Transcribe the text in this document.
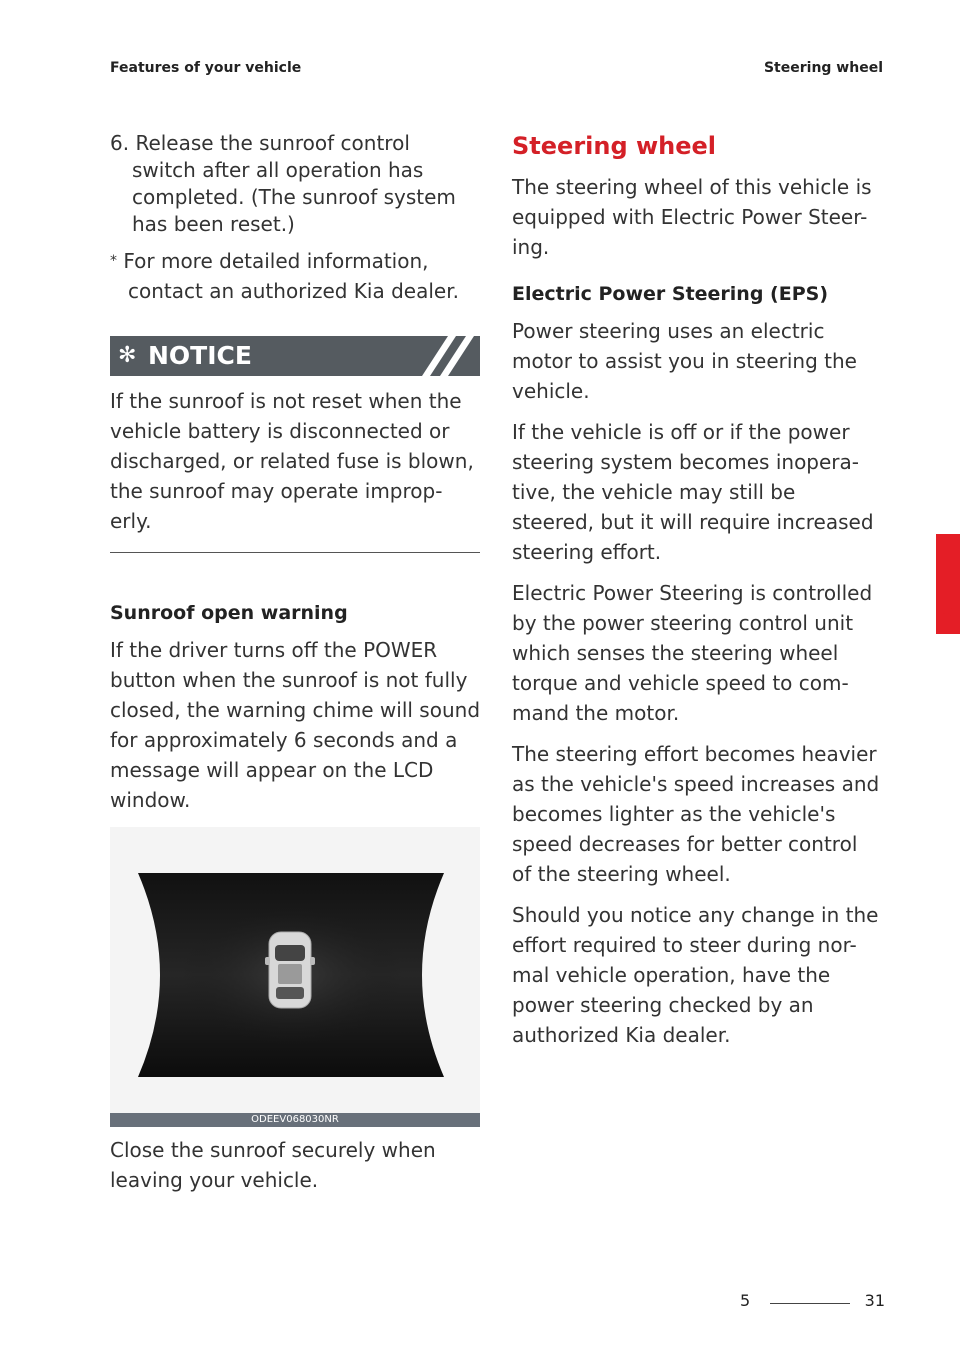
Features of your vehicle	Steering wheel

6. Release the sunroof control switch after all operation has completed. (The sunroof system has been reset.)

* For more detailed information, contact an authorized Kia dealer.

✻ NOTICE

If the sunroof is not reset when the vehicle battery is disconnected or discharged, or related fuse is blown, the sunroof may operate improp-erly.

Sunroof open warning

If the driver turns off the POWER button when the sunroof is not fully closed, the warning chime will sound for approximately 6 seconds and a message will appear on the LCD window.

ODEEV068030NR

Close the sunroof securely when leaving your vehicle.

Steering wheel

The steering wheel of this vehicle is equipped with Electric Power Steer-ing.

Electric Power Steering (EPS)

Power steering uses an electric motor to assist you in steering the vehicle.

If the vehicle is off or if the power steering system becomes inopera-tive, the vehicle may still be steered, but it will require increased steering effort.

Electric Power Steering is controlled by the power steering control unit which senses the steering wheel torque and vehicle speed to com-mand the motor.

The steering effort becomes heavier as the vehicle's speed increases and becomes lighter as the vehicle's speed decreases for better control of the steering wheel.

Should you notice any change in the effort required to steer during nor-mal vehicle operation, have the power steering checked by an authorized Kia dealer.

5
5	31
